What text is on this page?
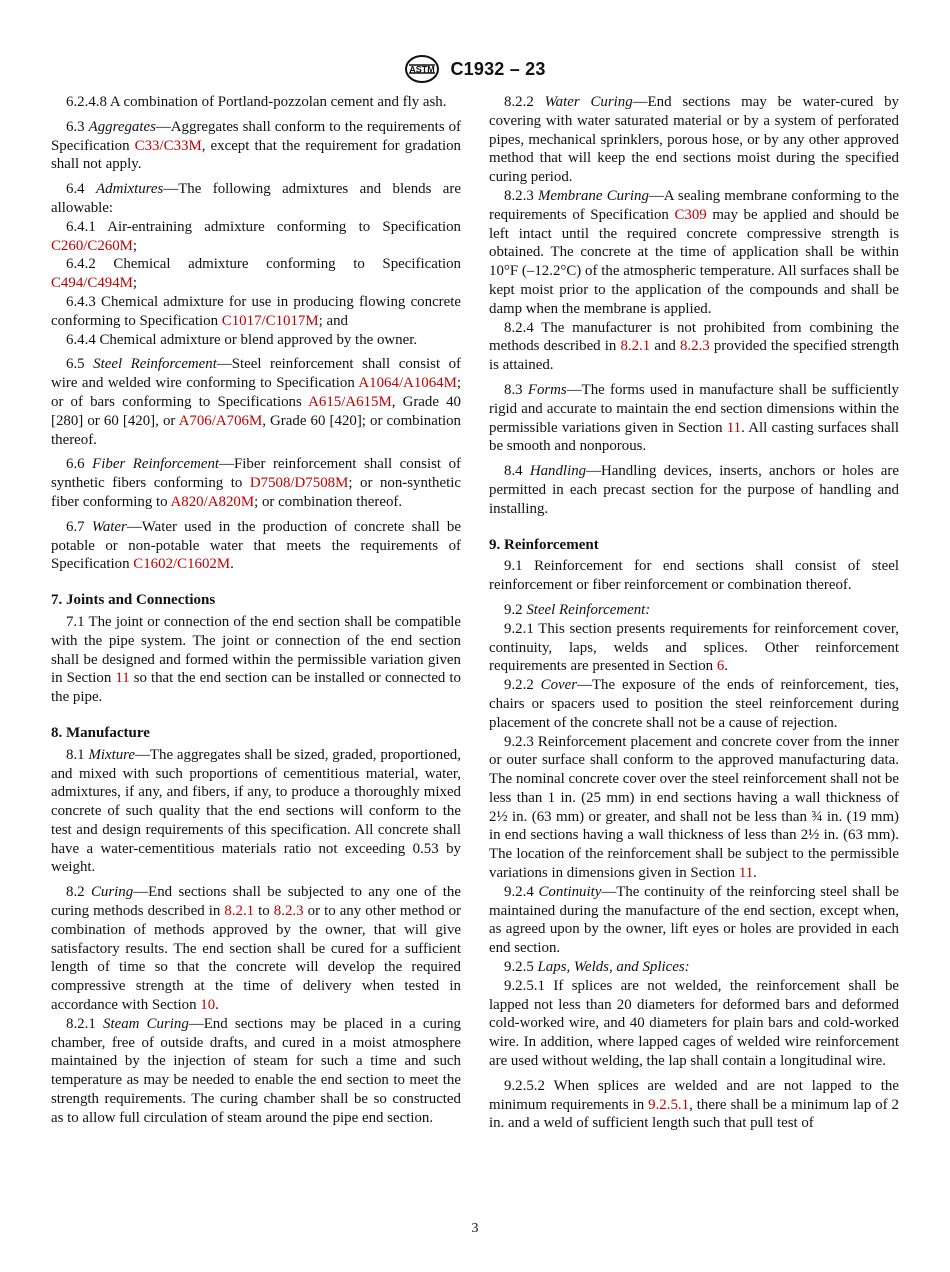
ASTM C1932 – 23

6.2.4.8 A combination of Portland-pozzolan cement and fly ash.

6.3 Aggregates—Aggregates shall conform to the requirements of Specification C33/C33M, except that the requirement for gradation shall not apply.

6.4 Admixtures—The following admixtures and blends are allowable:

6.4.1 Air-entraining admixture conforming to Specification C260/C260M;

6.4.2 Chemical admixture conforming to Specification C494/C494M;

6.4.3 Chemical admixture for use in producing flowing concrete conforming to Specification C1017/C1017M; and

6.4.4 Chemical admixture or blend approved by the owner.

6.5 Steel Reinforcement—Steel reinforcement shall consist of wire and welded wire conforming to Specification A1064/A1064M; or of bars conforming to Specifications A615/A615M, Grade 40 [280] or 60 [420], or A706/A706M, Grade 60 [420]; or combination thereof.

6.6 Fiber Reinforcement—Fiber reinforcement shall consist of synthetic fibers conforming to D7508/D7508M; or non-synthetic fiber conforming to A820/A820M; or combination thereof.

6.7 Water—Water used in the production of concrete shall be potable or non-potable water that meets the requirements of Specification C1602/C1602M.

7. Joints and Connections

7.1 The joint or connection of the end section shall be compatible with the pipe system. The joint or connection of the end section shall be designed and formed within the permissible variation given in Section 11 so that the end section can be installed or connected to the pipe.

8. Manufacture

8.1 Mixture—The aggregates shall be sized, graded, proportioned, and mixed with such proportions of cementitious material, water, admixtures, if any, and fibers, if any, to produce a thoroughly mixed concrete of such quality that the end sections will conform to the test and design requirements of this specification. All concrete shall have a water-cementitious materials ratio not exceeding 0.53 by weight.

8.2 Curing—End sections shall be subjected to any one of the curing methods described in 8.2.1 to 8.2.3 or to any other method or combination of methods approved by the owner, that will give satisfactory results. The end section shall be cured for a sufficient length of time so that the concrete will develop the required compressive strength at the time of delivery when tested in accordance with Section 10.

8.2.1 Steam Curing—End sections may be placed in a curing chamber, free of outside drafts, and cured in a moist atmosphere maintained by the injection of steam for such a time and such temperature as may be needed to enable the end section to meet the strength requirements. The curing chamber shall be so constructed as to allow full circulation of steam around the pipe end section.

8.2.2 Water Curing—End sections may be water-cured by covering with water saturated material or by a system of perforated pipes, mechanical sprinklers, porous hose, or by any other approved method that will keep the end sections moist during the specified curing period.

8.2.3 Membrane Curing—A sealing membrane conforming to the requirements of Specification C309 may be applied and should be left intact until the required concrete compressive strength is obtained. The concrete at the time of application shall be within 10°F (–12.2°C) of the atmospheric temperature. All surfaces shall be kept moist prior to the application of the compounds and shall be damp when the membrane is applied.

8.2.4 The manufacturer is not prohibited from combining the methods described in 8.2.1 and 8.2.3 provided the specified strength is attained.

8.3 Forms—The forms used in manufacture shall be sufficiently rigid and accurate to maintain the end section dimensions within the permissible variations given in Section 11. All casting surfaces shall be smooth and nonporous.

8.4 Handling—Handling devices, inserts, anchors or holes are permitted in each precast section for the purpose of handling and installing.

9. Reinforcement

9.1 Reinforcement for end sections shall consist of steel reinforcement or fiber reinforcement or combination thereof.

9.2 Steel Reinforcement:

9.2.1 This section presents requirements for reinforcement cover, continuity, laps, welds and splices. Other reinforcement requirements are presented in Section 6.

9.2.2 Cover—The exposure of the ends of reinforcement, ties, chairs or spacers used to position the steel reinforcement during placement of the concrete shall not be a cause of rejection.

9.2.3 Reinforcement placement and concrete cover from the inner or outer surface shall conform to the approved manufacturing data. The nominal concrete cover over the steel reinforcement shall not be less than 1 in. (25 mm) in end sections having a wall thickness of 2½ in. (63 mm) or greater, and shall not be less than ¾ in. (19 mm) in end sections having a wall thickness of less than 2½ in. (63 mm). The location of the reinforcement shall be subject to the permissible variations in dimensions given in Section 11.

9.2.4 Continuity—The continuity of the reinforcing steel shall be maintained during the manufacture of the end section, except when, as agreed upon by the owner, lift eyes or holes are provided in each end section.

9.2.5 Laps, Welds, and Splices:

9.2.5.1 If splices are not welded, the reinforcement shall be lapped not less than 20 diameters for deformed bars and deformed cold-worked wire, and 40 diameters for plain bars and cold-worked wire. In addition, where lapped cages of welded wire reinforcement are used without welding, the lap shall contain a longitudinal wire.

9.2.5.2 When splices are welded and are not lapped to the minimum requirements in 9.2.5.1, there shall be a minimum lap of 2 in. and a weld of sufficient length such that pull test of

3
